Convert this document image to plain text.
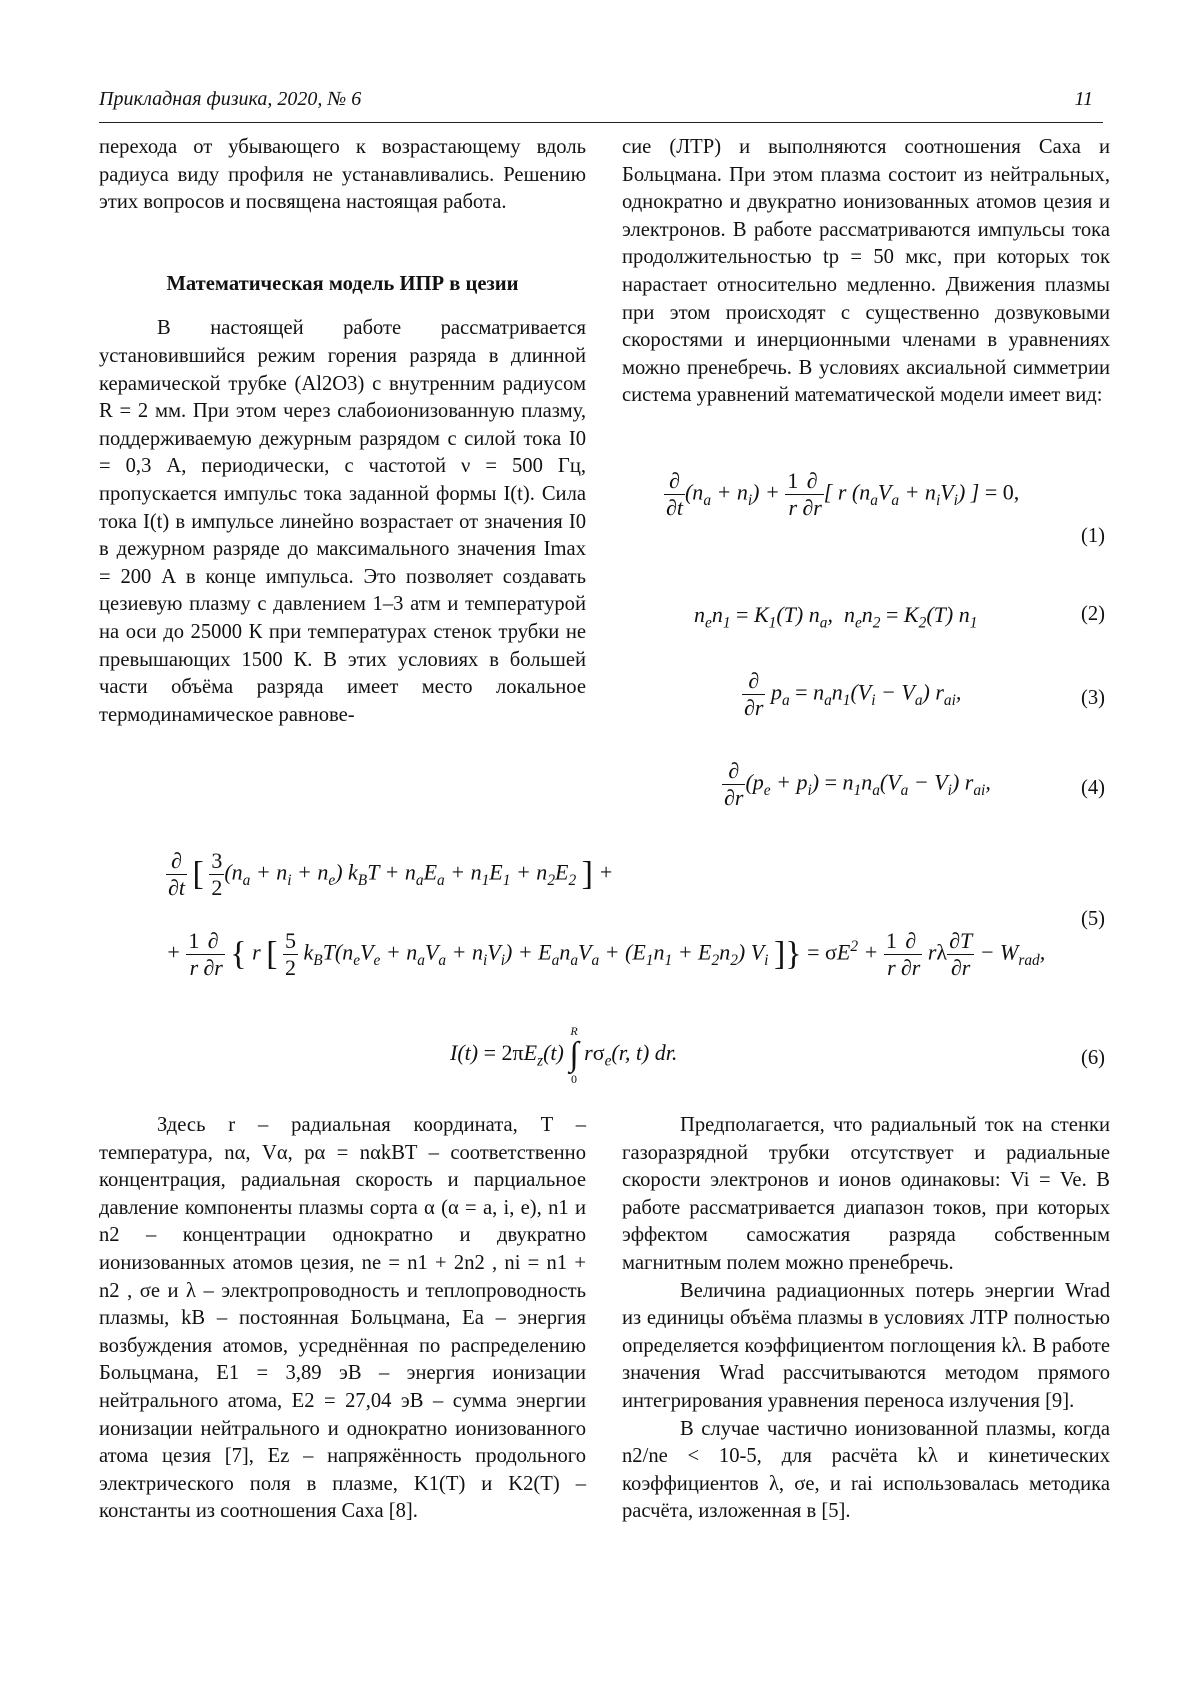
Прикладная физика, 2020, № 6	11

перехода от убывающего к возрастающему вдоль радиуса виду профиля не устанавливались. Решению этих вопросов и посвящена настоящая работа.

Математическая модель ИПР в цезии

В настоящей работе рассматривается установившийся режим горения разряда в длинной керамической трубке (Al2O3) с внутренним радиусом R = 2 мм. При этом через слабоионизованную плазму, поддерживаемую дежурным разрядом с силой тока I0 = 0,3 А, периодически, с частотой ν = 500 Гц, пропускается импульс тока заданной формы I(t). Сила тока I(t) в импульсе линейно возрастает от значения I0 в дежурном разряде до максимального значения Imax = 200 А в конце импульса. Это позволяет создавать цезиевую плазму с давлением 1–3 атм и температурой на оси до 25000 К при температурах стенок трубки не превышающих 1500 К. В этих условиях в большей части объёма разряда имеет место локальное термодинамическое равнове-

сие (ЛТР) и выполняются соотношения Саха и Больцмана. При этом плазма состоит из нейтральных, однократно и двукратно ионизованных атомов цезия и электронов. В работе рассматриваются импульсы тока продолжительностью tp = 50 мкс, при которых ток нарастает относительно медленно. Движения плазмы при этом происходят с существенно дозвуковыми скоростями и инерционными членами в уравнениях можно пренебречь. В условиях аксиальной симметрии система уравнений математической модели имеет вид:

∂
∂t
(na + ni) + 1
r
∂
∂r
[ r (naVa + niVi) ] = 0,
(1)
nen1 = K1(T) na,  nen2 = K2(T) n1	(2)
∂
∂r
pa = nan1(Vi − Va) rai,	(3)
∂
∂r
(pe + pi) = n1na(Va − Vi) rai,	(4)
∂
∂t [ 3
2
(na + ni + ne) kBT + naEa + n1E1 + n2E2 ] +
+ 1
r
∂
∂r { r [ 5
2
kBT(neVe + naVa + niVi) + EanaVa + (E1n1 + E2n2) Vi ]} = σE2 + 1
r
∂
∂r
rλ ∂T
∂r
− Wrad,
(5)
I(t) = 2πEz(t)
R
∫
0
rσe(r, t) dr.	(6)

Здесь r – радиальная координата, T – температура, nα, Vα, pα = nαkBT – соответственно концентрация, радиальная скорость и парциальное давление компоненты плазмы сорта α (α = a, i, e), n1 и n2 – концентрации однократно и двукратно ионизованных атомов цезия, ne = n1 + 2n2 , ni = n1 + n2 , σe и λ – электропроводность и теплопроводность плазмы, kB – постоянная Больцмана, Ea – энергия возбуждения атомов, усреднённая по распределению Больцмана, E1 = 3,89 эВ – энергия ионизации нейтрального атома, E2 = 27,04 эВ – сумма энергии ионизации нейтрального и однократно ионизованного атома цезия [7], Ez – напряжённость продольного электрического поля в плазме, K1(T) и K2(T) – константы из соотношения Саха [8].

Предполагается, что радиальный ток на стенки газоразрядной трубки отсутствует и радиальные скорости электронов и ионов одинаковы: Vi = Ve. В работе рассматривается диапазон токов, при которых эффектом самосжатия разряда собственным магнитным полем можно пренебречь.

Величина радиационных потерь энергии Wrad из единицы объёма плазмы в условиях ЛТР полностью определяется коэффициентом поглощения kλ. В работе значения Wrad рассчитываются методом прямого интегрирования уравнения переноса излучения [9].

В случае частично ионизованной плазмы, когда n2/ne < 10-5, для расчёта kλ и кинетических коэффициентов λ, σe, и rai использовалась методика расчёта, изложенная в [5].
